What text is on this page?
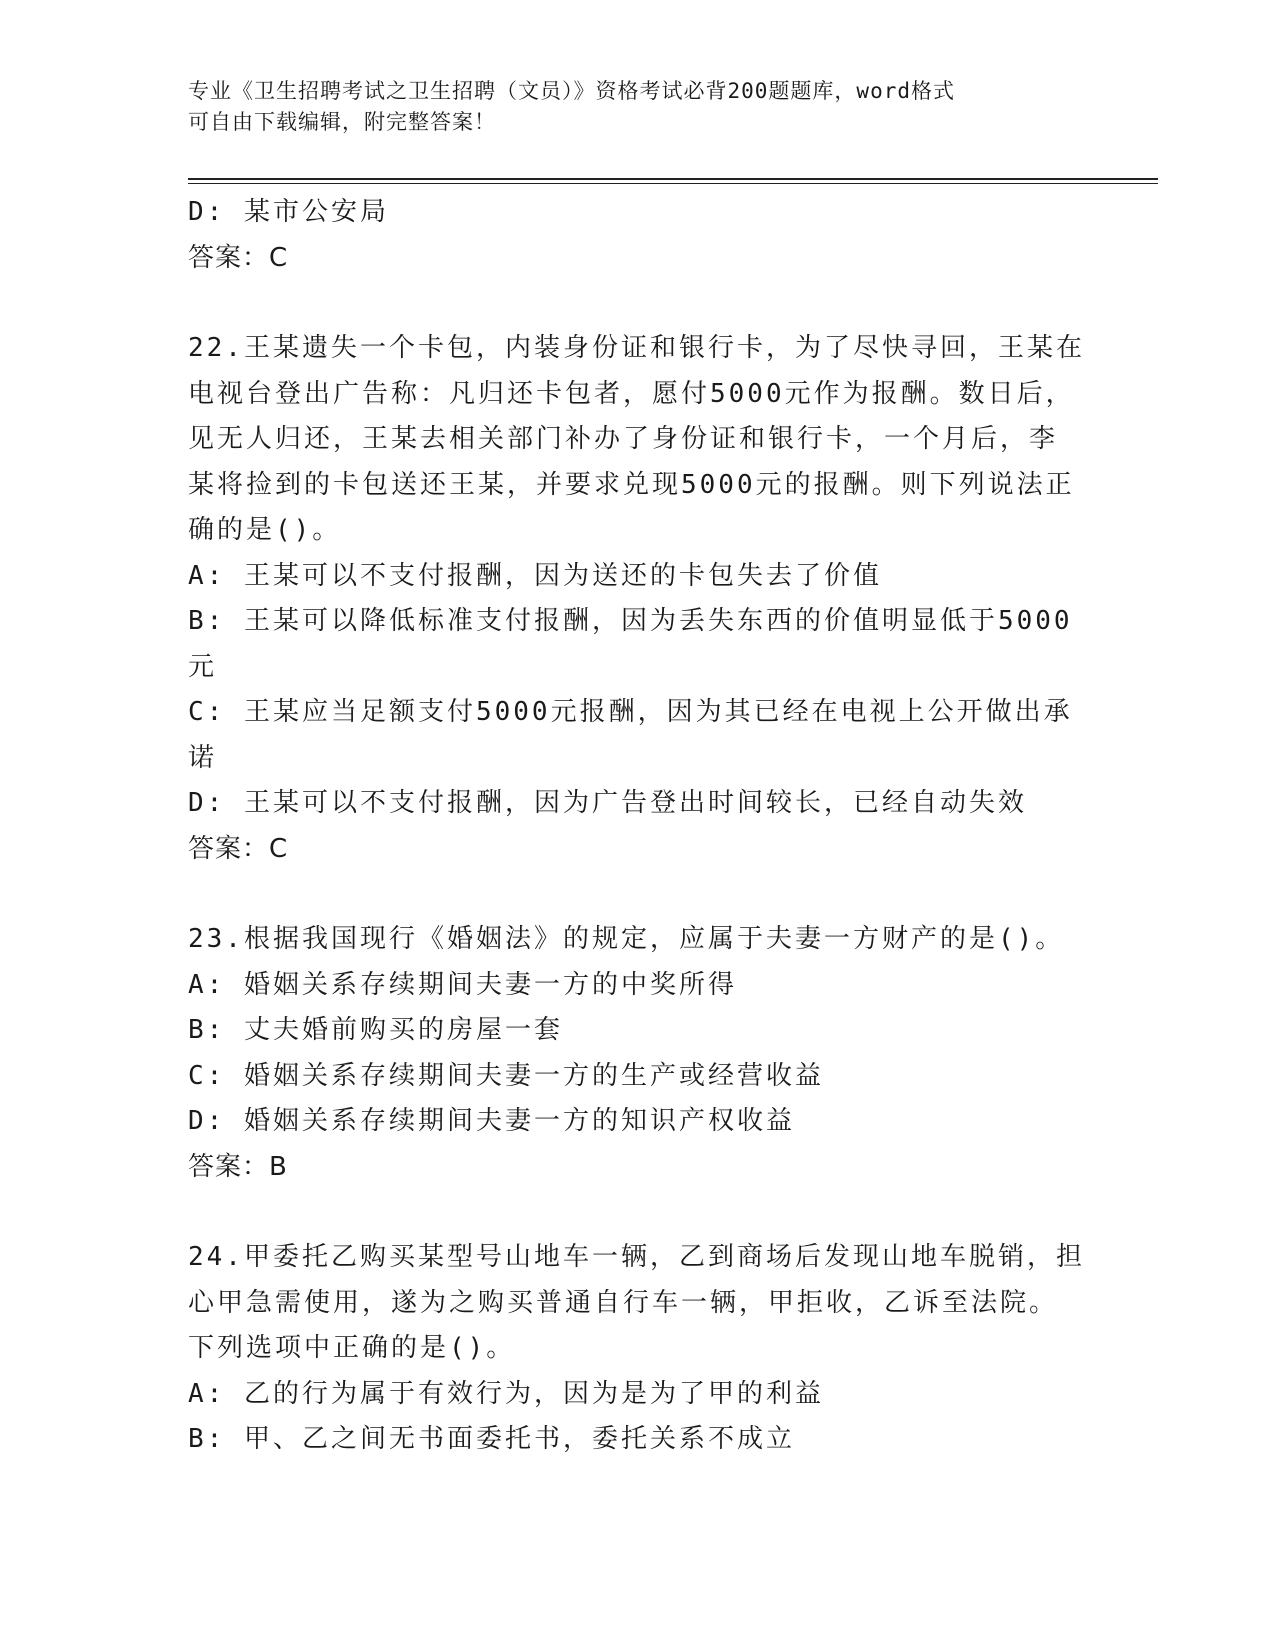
专业《卫生招聘考试之卫生招聘（文员）》资格考试必背200题题库，word格式
可自由下载编辑，附完整答案！
D: 某市公安局
答案：C
22.王某遗失一个卡包，内装身份证和银行卡，为了尽快寻回，王某在
电视台登出广告称：凡归还卡包者，愿付5000元作为报酬。数日后，
见无人归还，王某去相关部门补办了身份证和银行卡，一个月后，李
某将捡到的卡包送还王某，并要求兑现5000元的报酬。则下列说法正
确的是()。
A: 王某可以不支付报酬，因为送还的卡包失去了价值
B: 王某可以降低标准支付报酬，因为丢失东西的价值明显低于5000
元
C: 王某应当足额支付5000元报酬，因为其已经在电视上公开做出承
诺
D: 王某可以不支付报酬，因为广告登出时间较长，已经自动失效
答案：C
23.根据我国现行《婚姻法》的规定，应属于夫妻一方财产的是()。
A: 婚姻关系存续期间夫妻一方的中奖所得
B: 丈夫婚前购买的房屋一套
C: 婚姻关系存续期间夫妻一方的生产或经营收益
D: 婚姻关系存续期间夫妻一方的知识产权收益
答案：B
24.甲委托乙购买某型号山地车一辆，乙到商场后发现山地车脱销，担
心甲急需使用，遂为之购买普通自行车一辆，甲拒收，乙诉至法院。
下列选项中正确的是()。
A: 乙的行为属于有效行为，因为是为了甲的利益
B: 甲、乙之间无书面委托书，委托关系不成立
